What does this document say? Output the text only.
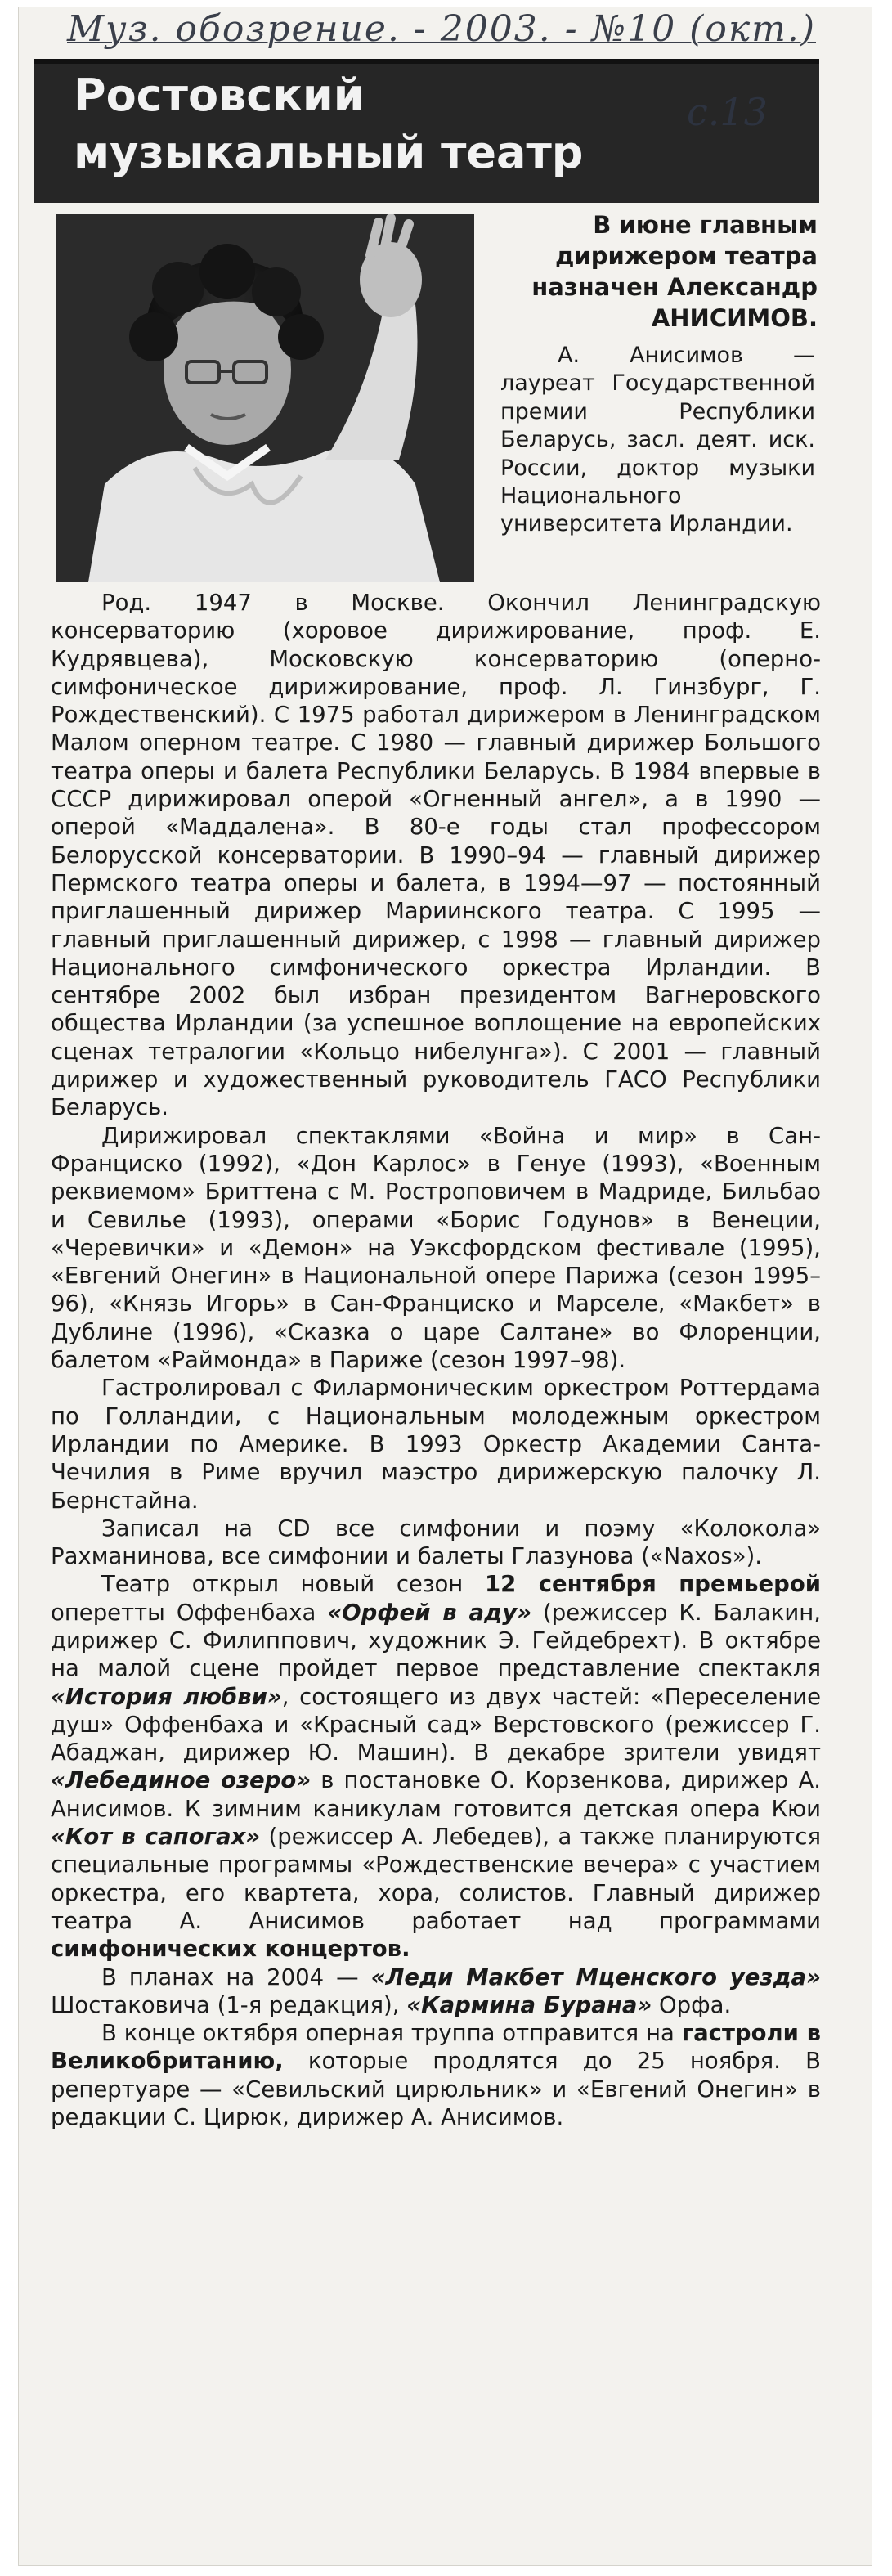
Муз. обозрение. - 2003. - №10 (окт.)
Ростовский
музыкальный театр
с.13
В июне главным дирижером театра назначен Александр АНИСИМОВ.

А. Анисимов — лауреат Государственной премии Республики Беларусь, засл. деят. иск. России, доктор музыки Национального университета Ирландии.

Род. 1947 в Москве. Окончил Ленинградскую консерваторию (хоровое дирижирование, проф. Е. Кудрявцева), Московскую консерваторию (оперно-симфоническое дирижирование, проф. Л. Гинзбург, Г. Рождественский). С 1975 работал дирижером в Ленинградском Малом оперном театре. С 1980 — главный дирижер Большого театра оперы и балета Республики Беларусь. В 1984 впервые в СССР дирижировал оперой «Огненный ангел», а в 1990 — оперой «Маддалена». В 80-е годы стал профессором Белорусской консерватории. В 1990–94 — главный дирижер Пермского театра оперы и балета, в 1994—97 — постоянный приглашенный дирижер Мариинского театра. С 1995 — главный приглашенный дирижер, с 1998 — главный дирижер Национального симфонического оркестра Ирландии. В сентябре 2002 был избран президентом Вагнеровского общества Ирландии (за успешное воплощение на европейских сценах тетралогии «Кольцо нибелунга»). С 2001 — главный дирижер и художественный руководитель ГАСО Республики Беларусь.

Дирижировал спектаклями «Война и мир» в Сан-Франциско (1992), «Дон Карлос» в Генуе (1993), «Военным реквиемом» Бриттена с М. Ростроповичем в Мадриде, Бильбао и Севилье (1993), операми «Борис Годунов» в Венеции, «Черевички» и «Демон» на Уэксфордском фестивале (1995), «Евгений Онегин» в Национальной опере Парижа (сезон 1995–96), «Князь Игорь» в Сан-Франциско и Марселе, «Макбет» в Дублине (1996), «Сказка о царе Салтане» во Флоренции, балетом «Раймонда» в Париже (сезон 1997–98).

Гастролировал с Филармоническим оркестром Роттердама по Голландии, с Национальным молодежным оркестром Ирландии по Америке. В 1993 Оркестр Академии Санта-Чечилия в Риме вручил маэстро дирижерскую палочку Л. Бернстайна.

Записал на CD все симфонии и поэму «Колокола» Рахманинова, все симфонии и балеты Глазунова («Naxos»).

Театр открыл новый сезон 12 сентября премьерой оперетты Оффенбаха «Орфей в аду» (режиссер К. Балакин, дирижер С. Филиппович, художник Э. Гейдебрехт). В октябре на малой сцене пройдет первое представление спектакля «История любви», состоящего из двух частей: «Переселение душ» Оффенбаха и «Красный сад» Верстовского (режиссер Г. Абаджан, дирижер Ю. Машин). В декабре зрители увидят «Лебединое озеро» в постановке О. Корзенкова, дирижер А. Анисимов. К зимним каникулам готовится детская опера Кюи «Кот в сапогах» (режиссер А. Лебедев), а также планируются специальные программы «Рождественские вечера» с участием оркестра, его квартета, хора, солистов. Главный дирижер театра А. Анисимов работает над программами симфонических концертов.

В планах на 2004 — «Леди Макбет Мценского уезда» Шостаковича (1-я редакция), «Кармина Бурана» Орфа.

В конце октября оперная труппа отправится на гастроли в Великобританию, которые продлятся до 25 ноября. В репертуаре — «Севильский цирюльник» и «Евгений Онегин» в редакции С. Цирюк, дирижер А. Анисимов.
